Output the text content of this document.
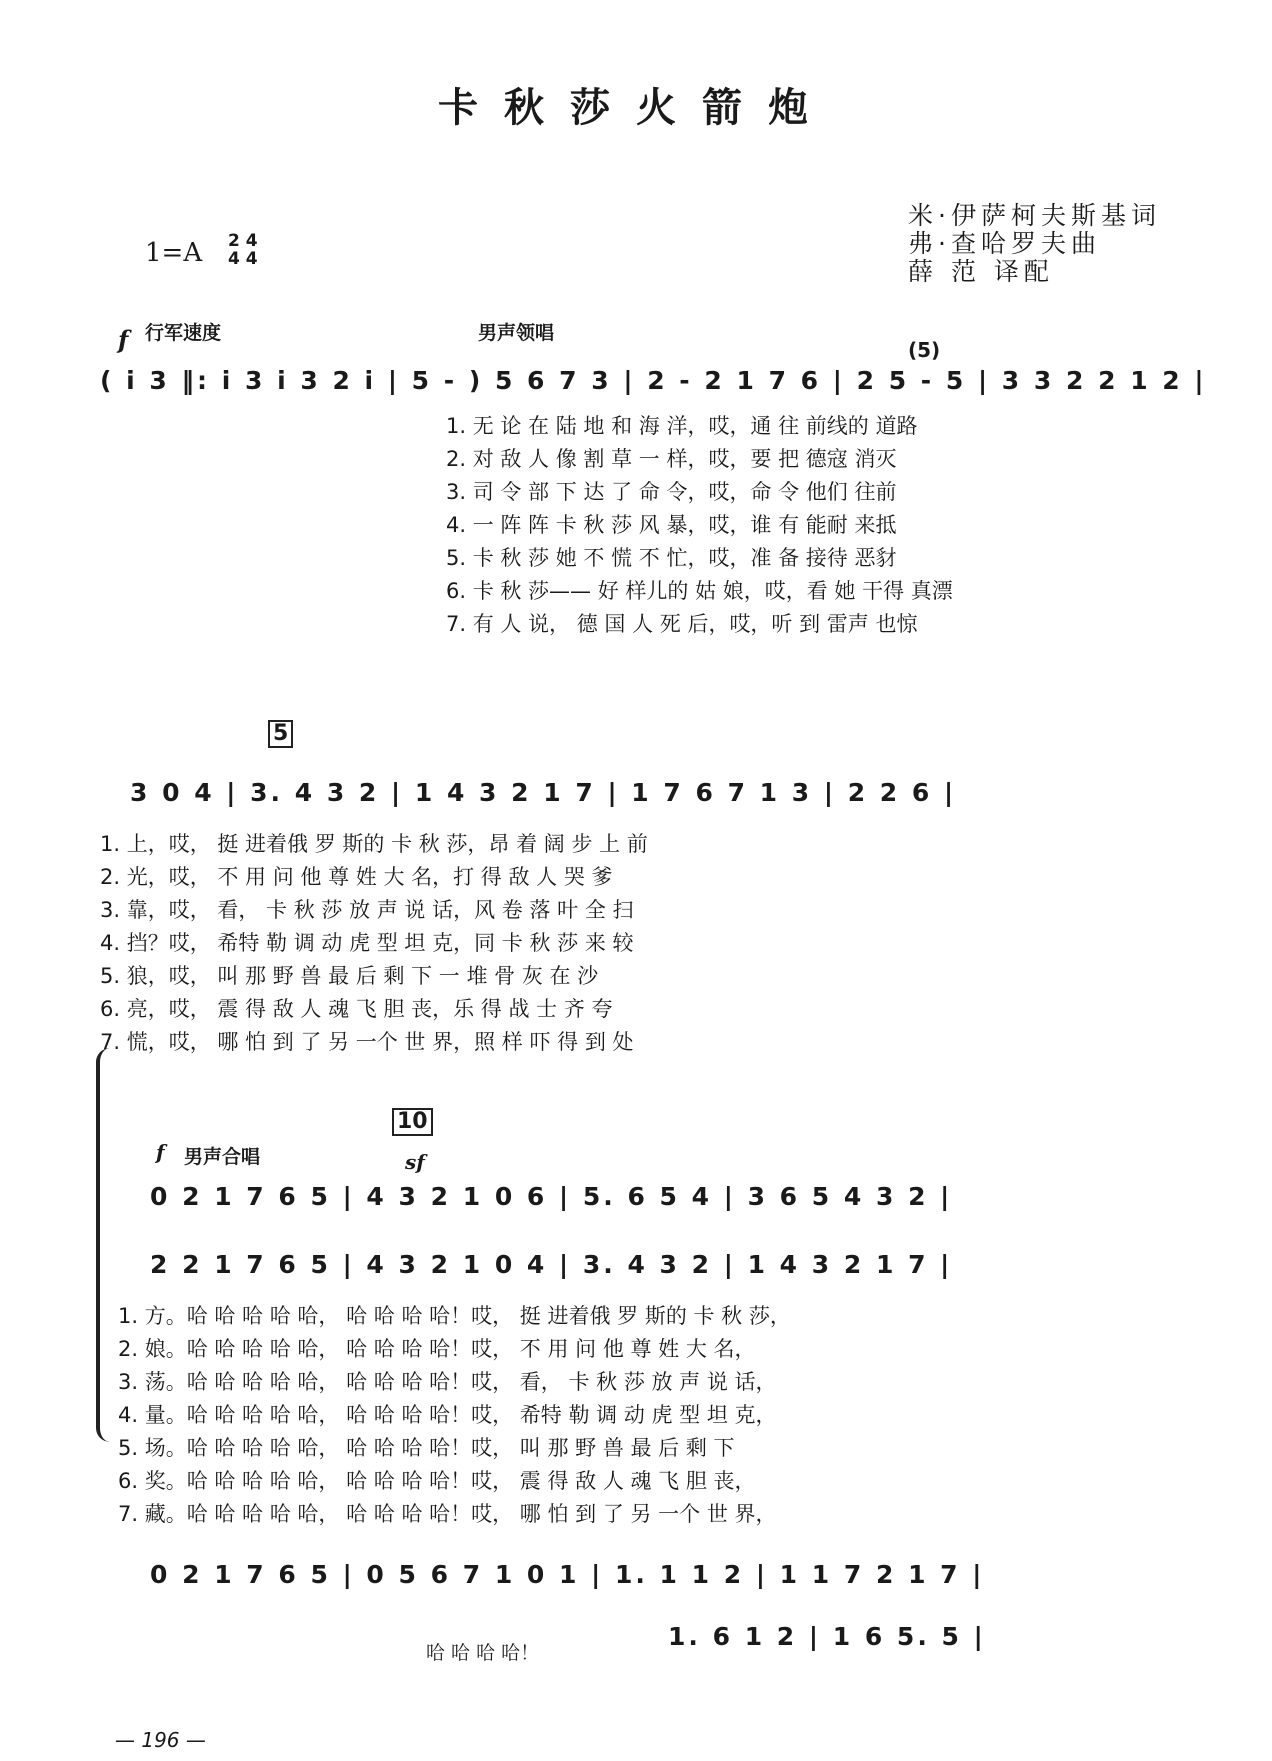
卡秋莎火箭炮
米·伊萨柯夫斯基词
弗·查哈罗夫曲
薛 范 译配
1=A 2 4
4 4
行军速度
f	男声领唱
(5)
( i 3 ‖: i 3 i 3 2 i | 5 - ) 5 6 7 3 | 2 - 2 1 7 6 | 2 5 - 5 | 3 3 2 2 1 2 |
1. 无 论 在 陆 地 和 海 洋，哎，通 往 前线的 道路
2. 对 敌 人 像 割 草 一 样，哎，要 把 德寇 消灭
3. 司 令 部 下 达 了 命 令，哎，命 令 他们 往前
4. 一 阵 阵 卡 秋 莎 风 暴，哎，谁 有 能耐 来抵
5. 卡 秋 莎 她 不 慌 不 忙，哎，准 备 接待 恶豺
6. 卡 秋 莎—— 好 样儿的 姑 娘，哎，看 她 干得 真漂
7. 有 人 说， 德 国 人 死 后，哎，听 到 雷声 也惊
5
3 0 4 | 3. 4 3 2 | 1 4 3 2 1 7 | 1 7 6 7 1 3 | 2 2 6 |
1. 上，哎， 挺 进着俄 罗 斯的 卡 秋 莎，昂 着 阔 步 上 前
2. 光，哎， 不 用 问 他 尊 姓 大 名，打 得 敌 人 哭 爹
3. 靠，哎， 看， 卡 秋 莎 放 声 说 话，风 卷 落 叶 全 扫
4. 挡？哎， 希特 勒 调 动 虎 型 坦 克，同 卡 秋 莎 来 较
5. 狼，哎， 叫 那 野 兽 最 后 剩 下 一 堆 骨 灰 在 沙
6. 亮，哎， 震 得 敌 人 魂 飞 胆 丧，乐 得 战 士 齐 夸
7. 慌，哎， 哪 怕 到 了 另 一个 世 界，照 样 吓 得 到 处
10
f 男声合唱	sf
0 2 1 7 6 5 | 4 3 2 1 0 6 | 5. 6 5 4 | 3 6 5 4 3 2 |
2 2 1 7 6 5 | 4 3 2 1 0 4 | 3. 4 3 2 | 1 4 3 2 1 7 |
1. 方。哈 哈 哈 哈 哈， 哈 哈 哈 哈！哎， 挺 进着俄 罗 斯的 卡 秋 莎，
2. 娘。哈 哈 哈 哈 哈， 哈 哈 哈 哈！哎， 不 用 问 他 尊 姓 大 名，
3. 荡。哈 哈 哈 哈 哈， 哈 哈 哈 哈！哎， 看， 卡 秋 莎 放 声 说 话，
4. 量。哈 哈 哈 哈 哈， 哈 哈 哈 哈！哎， 希特 勒 调 动 虎 型 坦 克，
5. 场。哈 哈 哈 哈 哈， 哈 哈 哈 哈！哎， 叫 那 野 兽 最 后 剩 下
6. 奖。哈 哈 哈 哈 哈， 哈 哈 哈 哈！哎， 震 得 敌 人 魂 飞 胆 丧，
7. 藏。哈 哈 哈 哈 哈， 哈 哈 哈 哈！哎， 哪 怕 到 了 另 一个 世 界，
0 2 1 7 6 5 | 0 5 6 7 1 0 1 | 1. 1 1 2 | 1 1 7 2 1 7 |
1. 6 1 2 | 1 6 5. 5 |
哈 哈 哈 哈！
— 196 —
